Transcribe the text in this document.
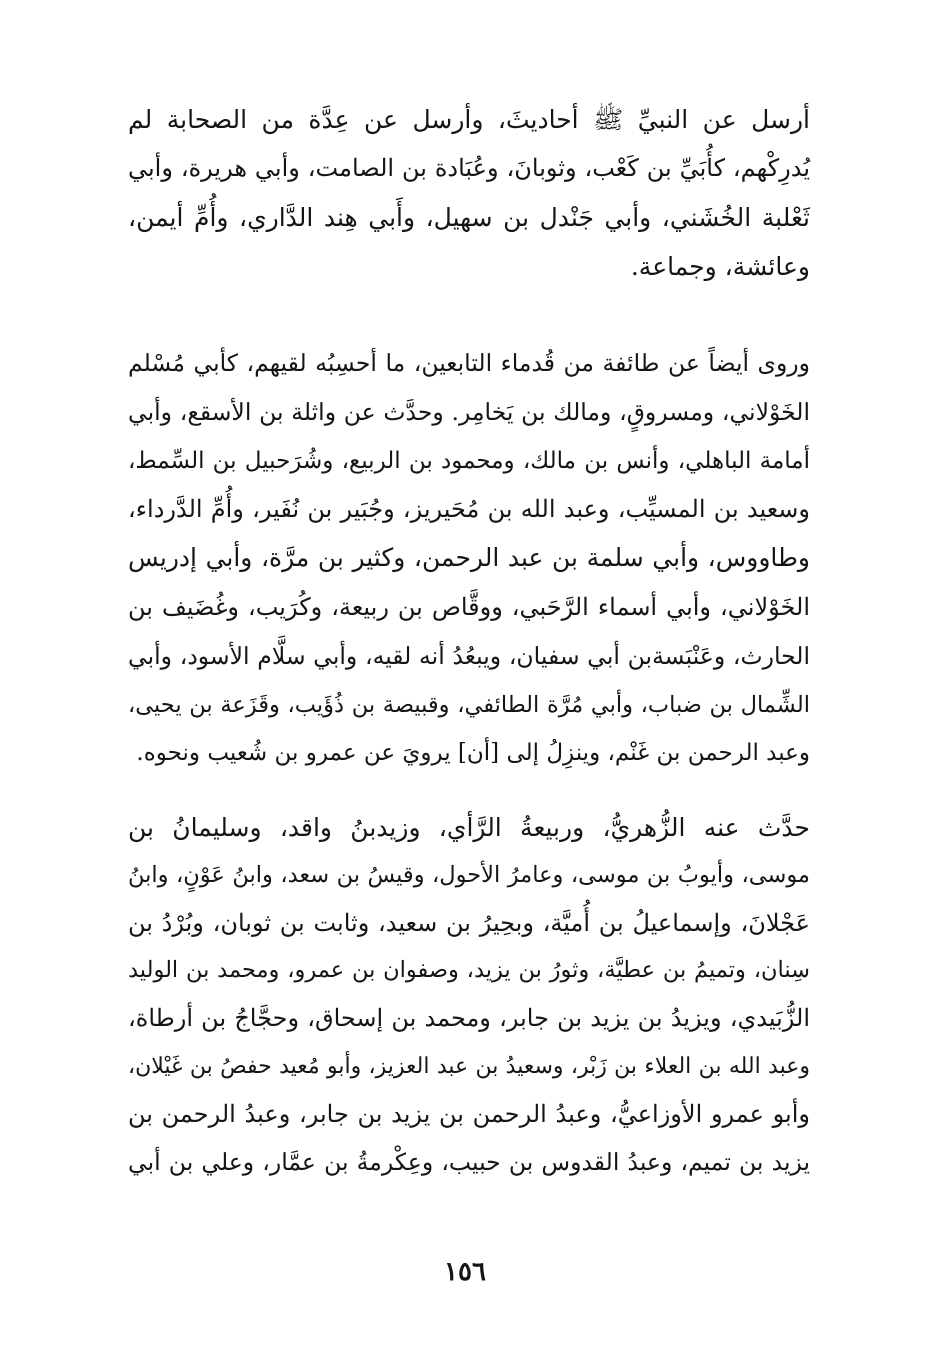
أرسل عن النبيِّ ﷺ أحاديثَ، وأرسل عن عِدَّة من الصحابة لم
يُدرِكْهم، كأُبَيِّ بن كَعْب، وثوبانَ، وعُبَادة بن الصامت، وأبي هريرة، وأبي
ثَعْلبة الخُشَني، وأبي جَنْدل بن سهيل، وأَبي هِند الدَّاري، وأُمِّ أيمن،
وعائشة، وجماعة.
وروى أيضاً عن طائفة من قُدماء التابعين، ما أحسِبُه لقيهم، كأبي مُسْلم
الخَوْلاني، ومسروقٍ، ومالك بن يَخامِر. وحدَّث عن واثلة بن الأسقع، وأبي
أمامة الباهلي، وأنس بن مالك، ومحمود بن الربيع، وشُرَحبيل بن السِّمط،
وسعيد بن المسيِّب، وعبد الله بن مُحَيريز، وجُبَير بن نُفَير، وأُمِّ الدَّرداء،
وطاووس، وأبي سلمة بن عبد الرحمن، وكثير بن مرَّة، وأبي إدريس
الخَوْلاني، وأبي أسماء الرَّحَبي، ووقَّاص بن ربيعة، وكُرَيب، وغُضَيف بن
الحارث، وعَنْبَسةبن أبي سفيان، ويبعُدُ أنه لقيه، وأبي سلَّام الأسود، وأبي
الشِّمال بن ضباب، وأبي مُرَّة الطائفي، وقبيصة بن ذُؤَيب، وقَزَعة بن يحيى،
وعبد الرحمن بن غَنْم، وينزِلُ إلى [أن] يرويَ عن عمرو بن شُعيب ونحوه.
حدَّث عنه الزُّهريُّ، وربيعةُ الرَّأي، وزيدبنُ واقد، وسليمانُ بن
موسى، وأيوبُ بن موسى، وعامرُ الأحول، وقيسُ بن سعد، وابنُ عَوْنٍ، وابنُ
عَجْلانَ، وإسماعيلُ بن أُميَّة، وبحِيرُ بن سعيد، وثابت بن ثوبان، وبُرْدُ بن
سِنان، وتميمُ بن عطيَّة، وثورُ بن يزيد، وصفوان بن عمرو، ومحمد بن الوليد
الزُّبَيدي، ويزيدُ بن يزيد بن جابر، ومحمد بن إسحاق، وحجَّاجُ بن أرطاة،
وعبد الله بن العلاء بن زَبْر، وسعيدُ بن عبد العزيز، وأبو مُعيد حفصُ بن غَيْلان،
وأبو عمرو الأوزاعيُّ، وعبدُ الرحمن بن يزيد بن جابر، وعبدُ الرحمن بن
يزيد بن تميم، وعبدُ القدوس بن حبيب، وعِكْرمةُ بن عمَّار، وعلي بن أبي
١٥٦
